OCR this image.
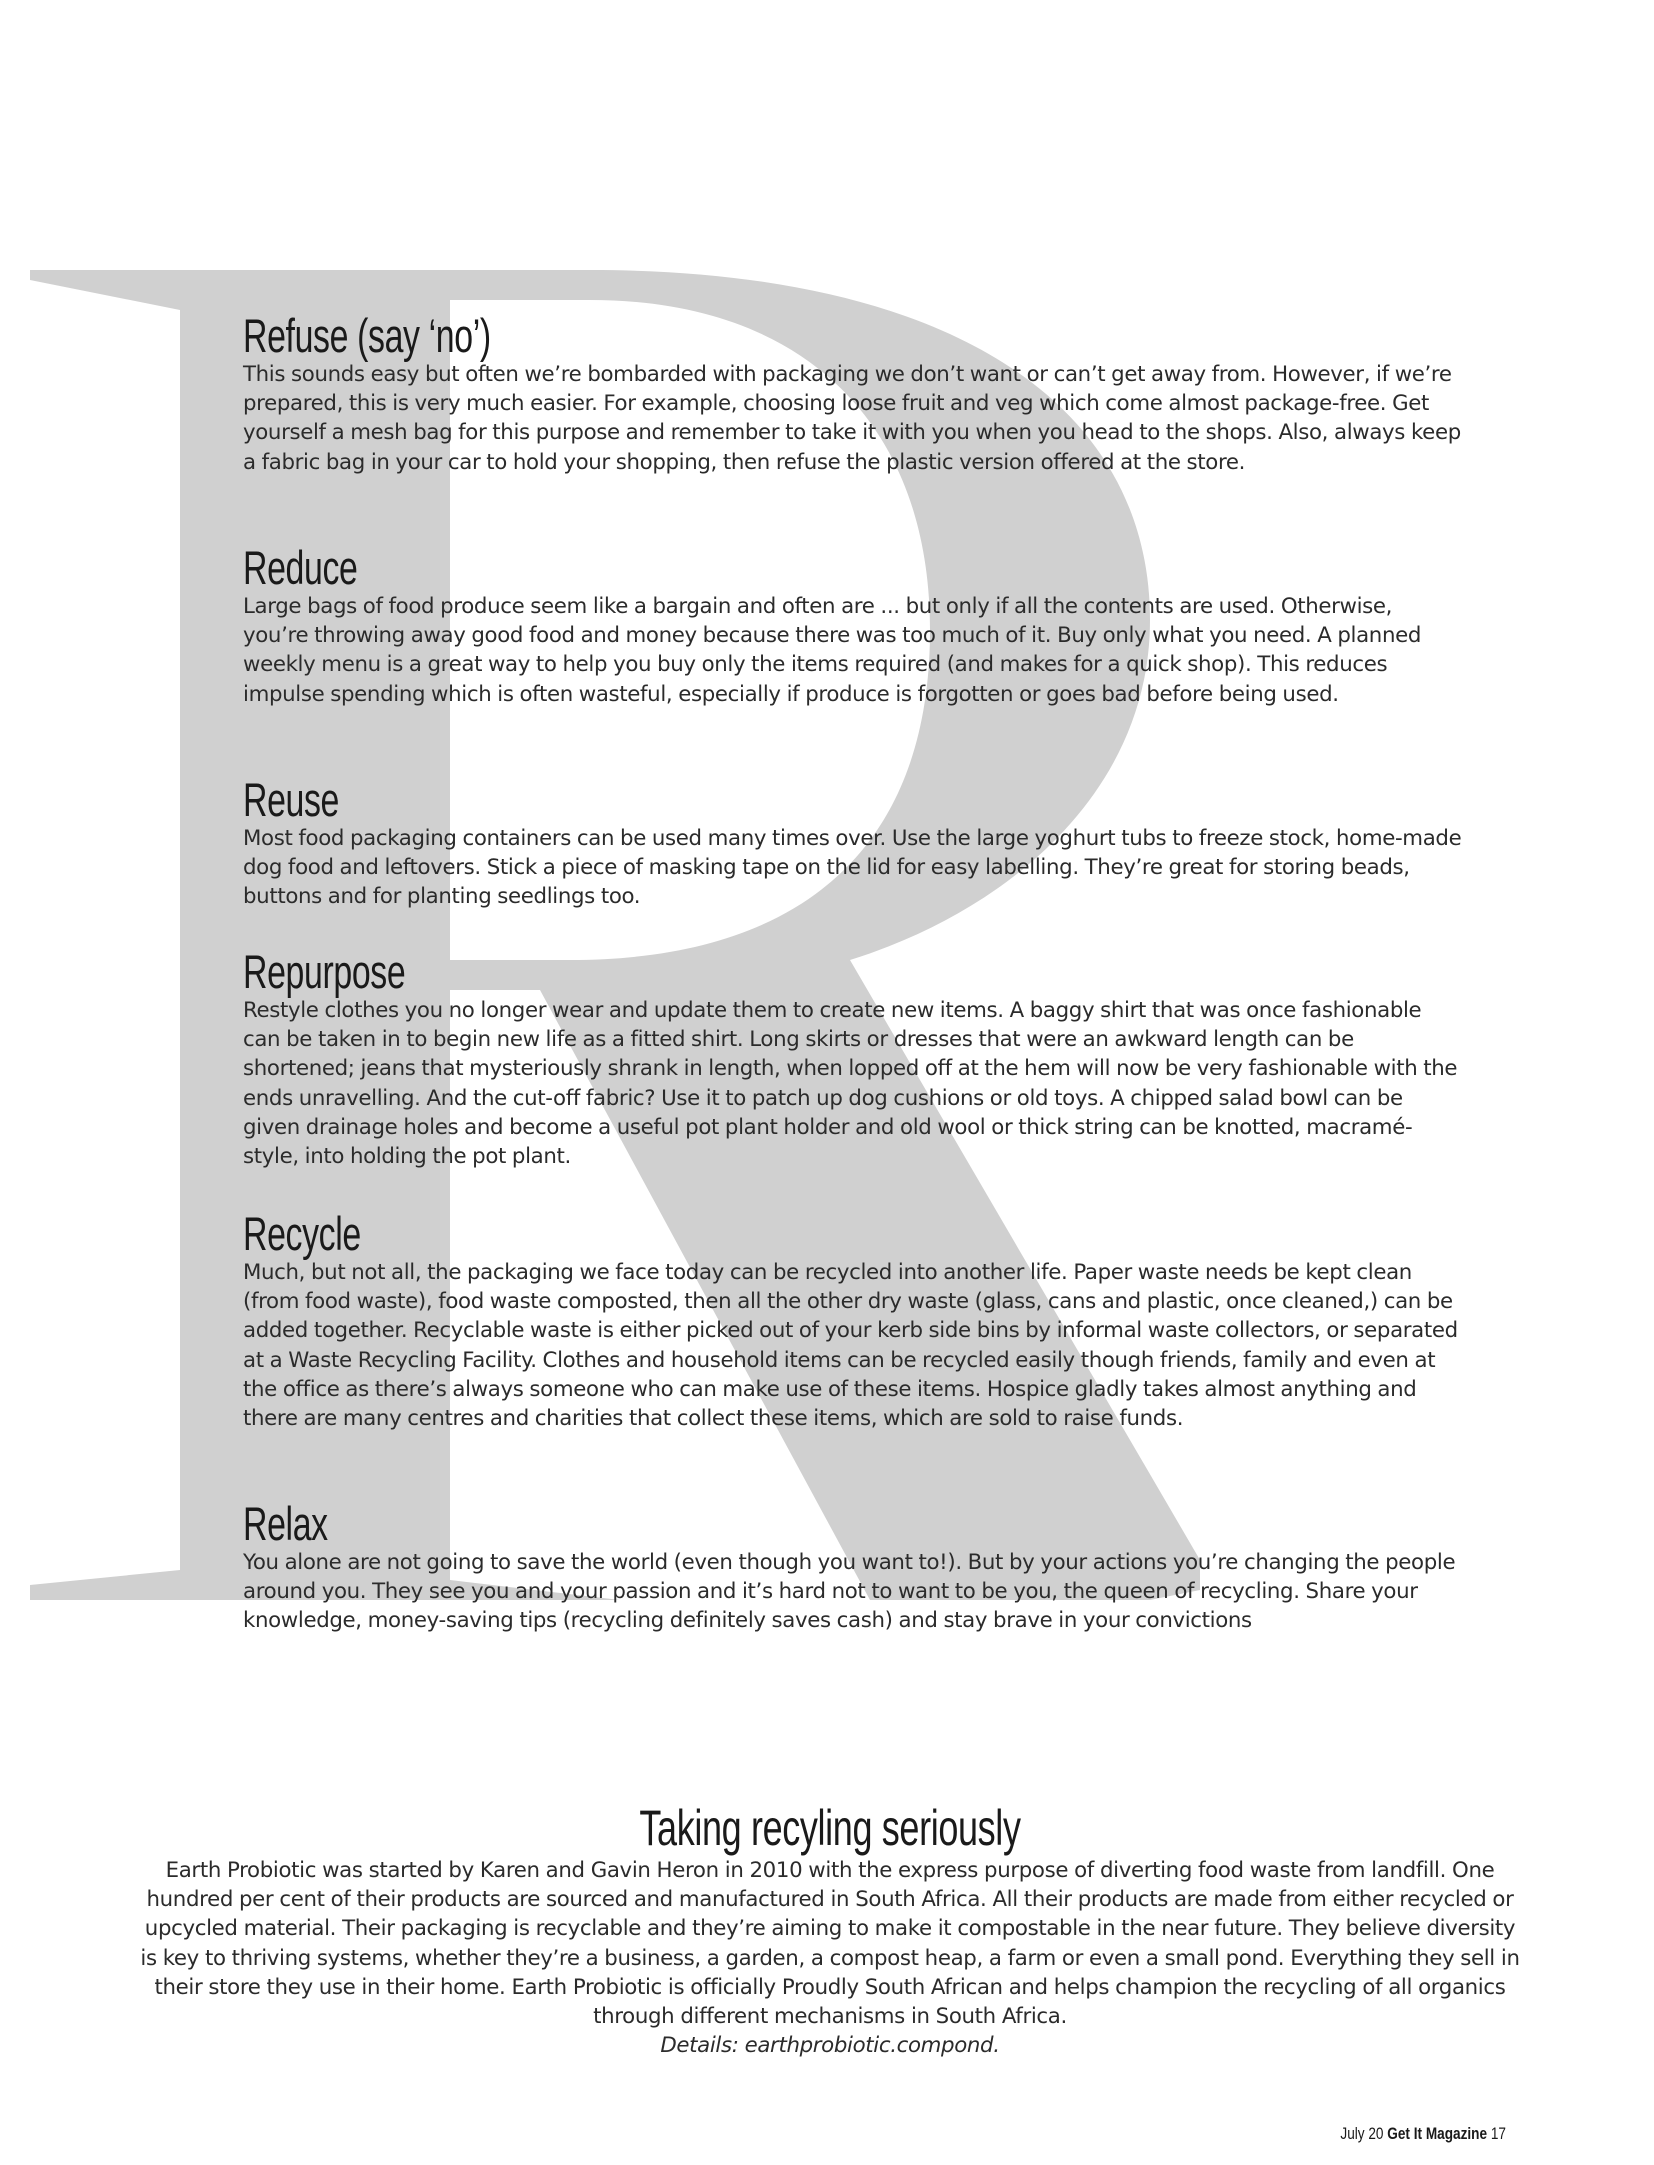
Refuse (say ‘no’)

This sounds easy but often we’re bombarded with packaging we don’t want or can’t get away from. However, if we’re prepared, this is very much easier. For example, choosing loose fruit and veg which come almost package-free. Get yourself a mesh bag for this purpose and remember to take it with you when you head to the shops. Also, always keep a fabric bag in your car to hold your shopping, then refuse the plastic version offered at the store.

Reduce

Large bags of food produce seem like a bargain and often are ... but only if all the contents are used. Otherwise, you’re throwing away good food and money because there was too much of it. Buy only what you need. A planned weekly menu is a great way to help you buy only the items required (and makes for a quick shop). This reduces impulse spending which is often wasteful, especially if produce is forgotten or goes bad before being used.

Reuse

Most food packaging containers can be used many times over. Use the large yoghurt tubs to freeze stock, home-made dog food and leftovers. Stick a piece of masking tape on the lid for easy labelling. They’re great for storing beads, buttons and for planting seedlings too.

Repurpose

Restyle clothes you no longer wear and update them to create new items. A baggy shirt that was once fashionable can be taken in to begin new life as a fitted shirt. Long skirts or dresses that were an awkward length can be shortened; jeans that mysteriously shrank in length, when lopped off at the hem will now be very fashionable with the ends unravelling. And the cut-off fabric? Use it to patch up dog cushions or old toys. A chipped salad bowl can be given drainage holes and become a useful pot plant holder and old wool or thick string can be knotted, macramé-style, into holding the pot plant.

Recycle

Much, but not all, the packaging we face today can be recycled into another life. Paper waste needs be kept clean (from food waste), food waste composted, then all the other dry waste (glass, cans and plastic, once cleaned,) can be added together. Recyclable waste is either picked out of your kerb side bins by informal waste collectors, or separated at a Waste Recycling Facility. Clothes and household items can be recycled easily though friends, family and even at the office as there’s always someone who can make use of these items. Hospice gladly takes almost anything and there are many centres and charities that collect these items, which are sold to raise funds.

Relax

You alone are not going to save the world (even though you want to!). But by your actions you’re changing the people around you. They see you and your passion and it’s hard not to want to be you, the queen of recycling. Share your knowledge, money-saving tips (recycling definitely saves cash) and stay brave in your convictions

Taking recyling seriously

Earth Probiotic was started by Karen and Gavin Heron in 2010 with the express purpose of diverting food waste from landfill. One hundred per cent of their products are sourced and manufactured in South Africa. All their products are made from either recycled or upcycled material. Their packaging is recyclable and they’re aiming to make it compostable in the near future. They believe diversity is key to thriving systems, whether they’re a business, a garden, a compost heap, a farm or even a small pond. Everything they sell in their store they use in their home. Earth Probiotic is officially Proudly South African and helps champion the recycling of all organics through different mechanisms in South Africa.

Details: earthprobiotic.compond.

July 20 Get It Magazine 17
